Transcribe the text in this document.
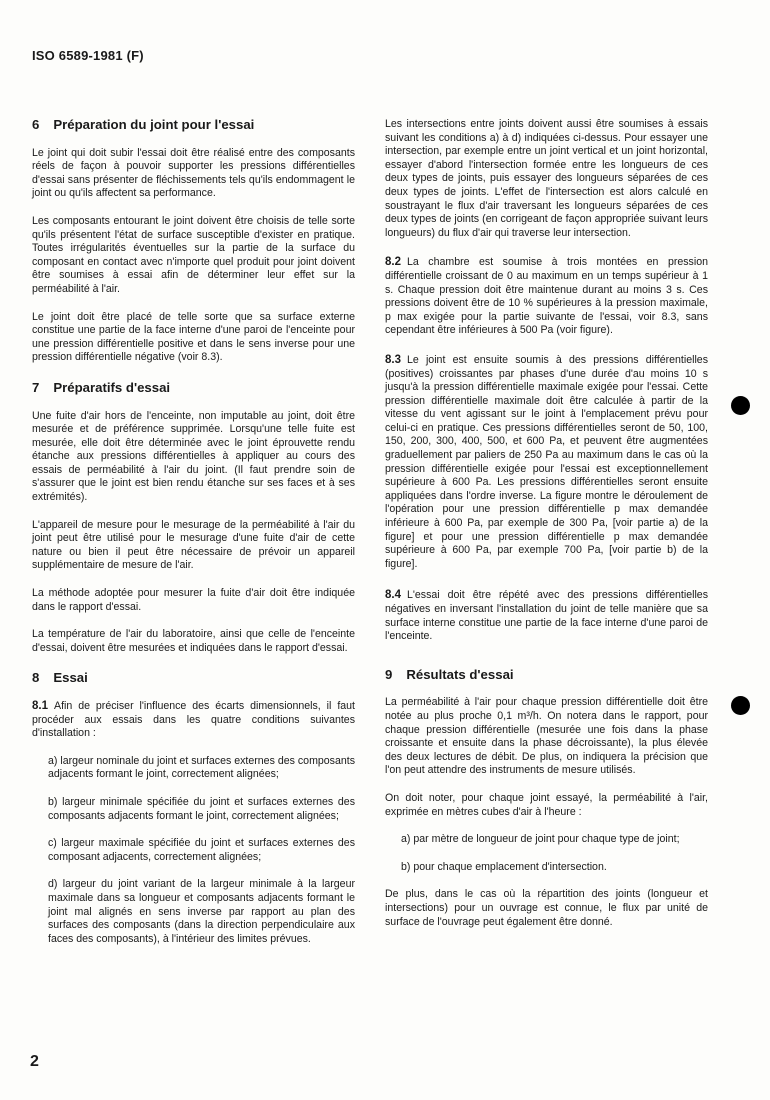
ISO 6589-1981 (F)
6 Préparation du joint pour l'essai

Le joint qui doit subir l'essai doit être réalisé entre des composants réels de façon à pouvoir supporter les pressions différentielles d'essai sans présenter de fléchissements tels qu'ils endommagent le joint ou qu'ils affectent sa performance.

Les composants entourant le joint doivent être choisis de telle sorte qu'ils présentent l'état de surface susceptible d'exister en pratique. Toutes irrégularités éventuelles sur la partie de la surface du composant en contact avec n'importe quel produit pour joint doivent être soumises à essai afin de déterminer leur effet sur la perméabilité à l'air.

Le joint doit être placé de telle sorte que sa surface externe constitue une partie de la face interne d'une paroi de l'enceinte pour une pression différentielle positive et dans le sens inverse pour une pression différentielle négative (voir 8.3).

7 Préparatifs d'essai

Une fuite d'air hors de l'enceinte, non imputable au joint, doit être mesurée et de préférence supprimée. Lorsqu'une telle fuite est mesurée, elle doit être déterminée avec le joint éprouvette rendu étanche aux pressions différentielles à appliquer au cours des essais de perméabilité à l'air du joint. (Il faut prendre soin de s'assurer que le joint est bien rendu étanche sur ses faces et à ses extrémités).

L'appareil de mesure pour le mesurage de la perméabilité à l'air du joint peut être utilisé pour le mesurage d'une fuite d'air de cette nature ou bien il peut être nécessaire de prévoir un appareil supplémentaire de mesure de l'air.

La méthode adoptée pour mesurer la fuite d'air doit être indiquée dans le rapport d'essai.

La température de l'air du laboratoire, ainsi que celle de l'enceinte d'essai, doivent être mesurées et indiquées dans le rapport d'essai.

8 Essai

8.1 Afin de préciser l'influence des écarts dimensionnels, il faut procéder aux essais dans les quatre conditions suivantes d'installation :

a) largeur nominale du joint et surfaces externes des composants adjacents formant le joint, correctement alignées;

b) largeur minimale spécifiée du joint et surfaces externes des composants adjacents formant le joint, correctement alignées;

c) largeur maximale spécifiée du joint et surfaces externes des composant adjacents, correctement alignées;

d) largeur du joint variant de la largeur minimale à la largeur maximale dans sa longueur et composants adjacents formant le joint mal alignés en sens inverse par rapport au plan des surfaces des composants (dans la direction perpendiculaire aux faces des composants), à l'intérieur des limites prévues.

Les intersections entre joints doivent aussi être soumises à essais suivant les conditions a) à d) indiquées ci-dessus. Pour essayer une intersection, par exemple entre un joint vertical et un joint horizontal, essayer d'abord l'intersection formée entre les longueurs de ces deux types de joints, puis essayer des longueurs séparées de ces deux types de joints. L'effet de l'intersection est alors calculé en soustrayant le flux d'air traversant les longueurs séparées de ces deux types de joints (en corrigeant de façon appropriée suivant leurs longueurs) du flux d'air qui traverse leur intersection.

8.2 La chambre est soumise à trois montées en pression différentielle croissant de 0 au maximum en un temps supérieur à 1 s. Chaque pression doit être maintenue durant au moins 3 s. Ces pressions doivent être de 10 % supérieures à la pression maximale, p max exigée pour la partie suivante de l'essai, voir 8.3, sans cependant être inférieures à 500 Pa (voir figure).

8.3 Le joint est ensuite soumis à des pressions différentielles (positives) croissantes par phases d'une durée d'au moins 10 s jusqu'à la pression différentielle maximale exigée pour l'essai. Cette pression différentielle maximale doit être calculée à partir de la vitesse du vent agissant sur le joint à l'emplacement prévu pour celui-ci en pratique. Ces pressions différentielles seront de 50, 100, 150, 200, 300, 400, 500, et 600 Pa, et peuvent être augmentées graduellement par paliers de 250 Pa au maximum dans le cas où la pression différentielle exigée pour l'essai est exceptionnellement supérieure à 600 Pa. Les pressions différentielles seront ensuite appliquées dans l'ordre inverse. La figure montre le déroulement de l'opération pour une pression différentielle p max demandée inférieure à 600 Pa, par exemple de 300 Pa, [voir partie a) de la figure] et pour une pression différentielle p max demandée supérieure à 600 Pa, par exemple 700 Pa, [voir partie b) de la figure].

8.4 L'essai doit être répété avec des pressions différentielles négatives en inversant l'installation du joint de telle manière que sa surface interne constitue une partie de la face interne d'une paroi de l'enceinte.

9 Résultats d'essai

La perméabilité à l'air pour chaque pression différentielle doit être notée au plus proche 0,1 m³/h. On notera dans le rapport, pour chaque pression différentielle (mesurée une fois dans la phase croissante et ensuite dans la phase décroissante), la plus élevée des deux lectures de débit. De plus, on indiquera la précision que l'on peut attendre des instruments de mesure utilisés.

On doit noter, pour chaque joint essayé, la perméabilité à l'air, exprimée en mètres cubes d'air à l'heure :

a) par mètre de longueur de joint pour chaque type de joint;

b) pour chaque emplacement d'intersection.

De plus, dans le cas où la répartition des joints (longueur et intersections) pour un ouvrage est connue, le flux par unité de surface de l'ouvrage peut également être donné.

2
